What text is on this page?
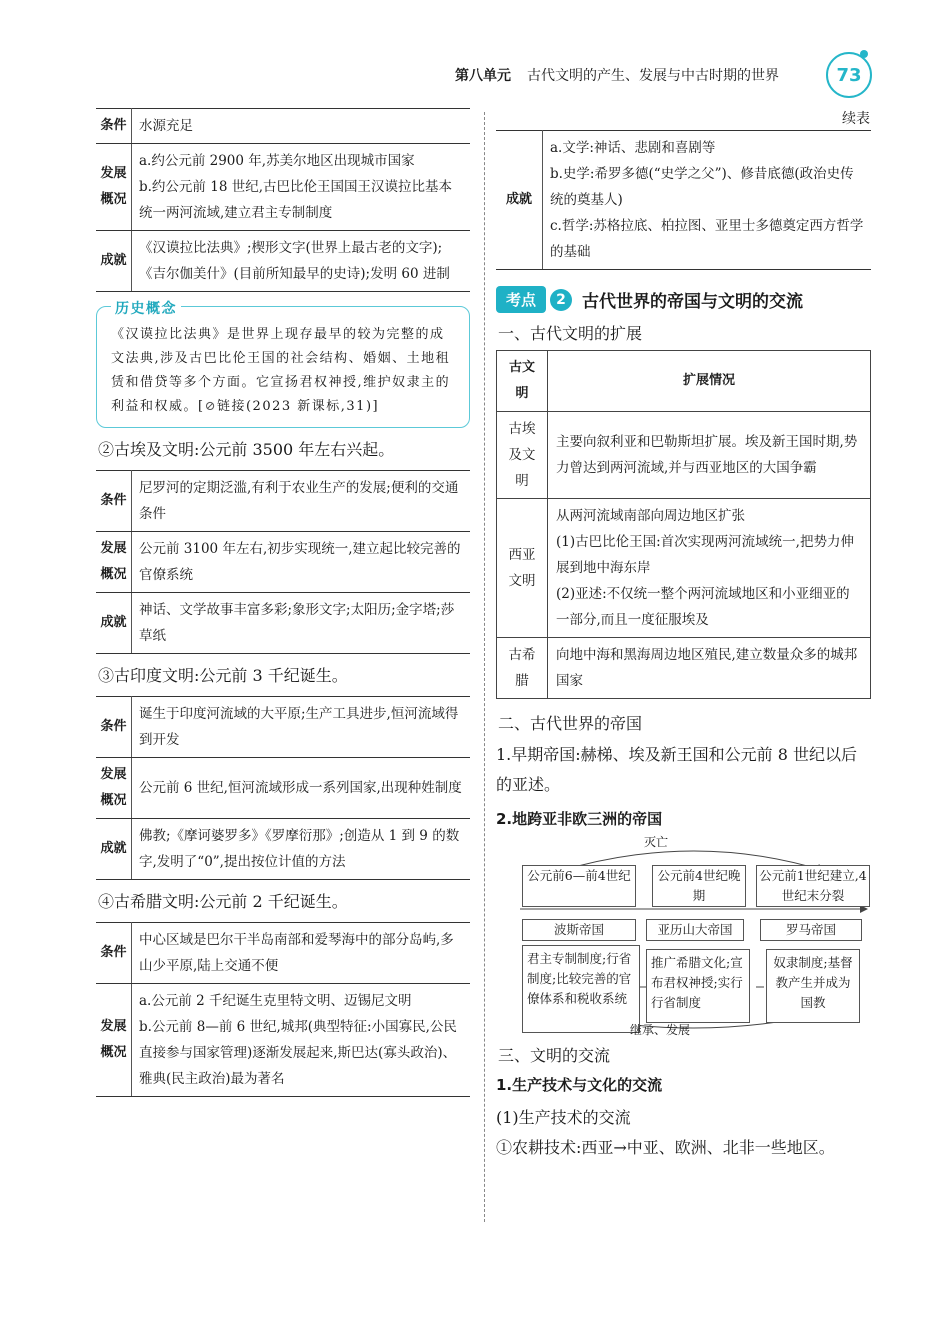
第八单元 古代文明的产生、发展与中古时期的世界	73
条件	水源充足
发展概况	a.约公元前 2900 年,苏美尔地区出现城市国家
b.约公元前 18 世纪,古巴比伦王国国王汉谟拉比基本统一两河流域,建立君主专制制度
成就	《汉谟拉比法典》;楔形文字(世界上最古老的文字);《吉尔伽美什》(目前所知最早的史诗);发明 60 进制
历史概念
《汉谟拉比法典》是世界上现存最早的较为完整的成文法典,涉及古巴比伦王国的社会结构、婚姻、土地租赁和借贷等多个方面。它宣扬君权神授,维护奴隶主的利益和权威。[⊘链接(2023 新课标,31)]
②古埃及文明:公元前 3500 年左右兴起。
条件	尼罗河的定期泛滥,有利于农业生产的发展;便利的交通条件
发展概况	公元前 3100 年左右,初步实现统一,建立起比较完善的官僚系统
成就	神话、文学故事丰富多彩;象形文字;太阳历;金字塔;莎草纸
③古印度文明:公元前 3 千纪诞生。
条件	诞生于印度河流域的大平原;生产工具进步,恒河流域得到开发
发展概况	公元前 6 世纪,恒河流域形成一系列国家,出现种姓制度
成就	佛教;《摩诃婆罗多》《罗摩衍那》;创造从 1 到 9 的数字,发明了“0”,提出按位计值的方法
④古希腊文明:公元前 2 千纪诞生。
条件	中心区域是巴尔干半岛南部和爱琴海中的部分岛屿,多山少平原,陆上交通不便
发展概况	a.公元前 2 千纪诞生克里特文明、迈锡尼文明
b.公元前 8—前 6 世纪,城邦(典型特征:小国寡民,公民直接参与国家管理)逐渐发展起来,斯巴达(寡头政治)、雅典(民主政治)最为著名
续表
成就	a.文学:神话、悲剧和喜剧等
b.史学:希罗多德(“史学之父”)、修昔底德(政治史传统的奠基人)
c.哲学:苏格拉底、柏拉图、亚里士多德奠定西方哲学的基础
考点	2 古代世界的帝国与文明的交流
一、古代文明的扩展
古文明	扩展情况
古埃及文明	主要向叙利亚和巴勒斯坦扩展。埃及新王国时期,势力曾达到两河流域,并与西亚地区的大国争霸
西亚文明	从两河流域南部向周边地区扩张
(1)古巴比伦王国:首次实现两河流域统一,把势力伸展到地中海东岸
(2)亚述:不仅统一整个两河流域地区和小亚细亚的一部分,而且一度征服埃及
古希腊	向地中海和黑海周边地区殖民,建立数量众多的城邦国家
二、古代世界的帝国
1.早期帝国:赫梯、埃及新王国和公元前 8 世纪以后的亚述。
2.地跨亚非欧三洲的帝国
灭亡
公元前6—前4世纪	公元前4世纪晚期
公元前1世纪建立,4世纪末分裂
波斯帝国	亚历山大帝国	罗马帝国
君主专制制度;行省制度;比较完善的官僚体系和税收系统
推广希腊文化;宣布君权神授;实行行省制度
奴隶制度;基督教产生并成为国教
继承、发展
三、文明的交流
1.生产技术与文化的交流
(1)生产技术的交流
①农耕技术:西亚→中亚、欧洲、北非一些地区。
